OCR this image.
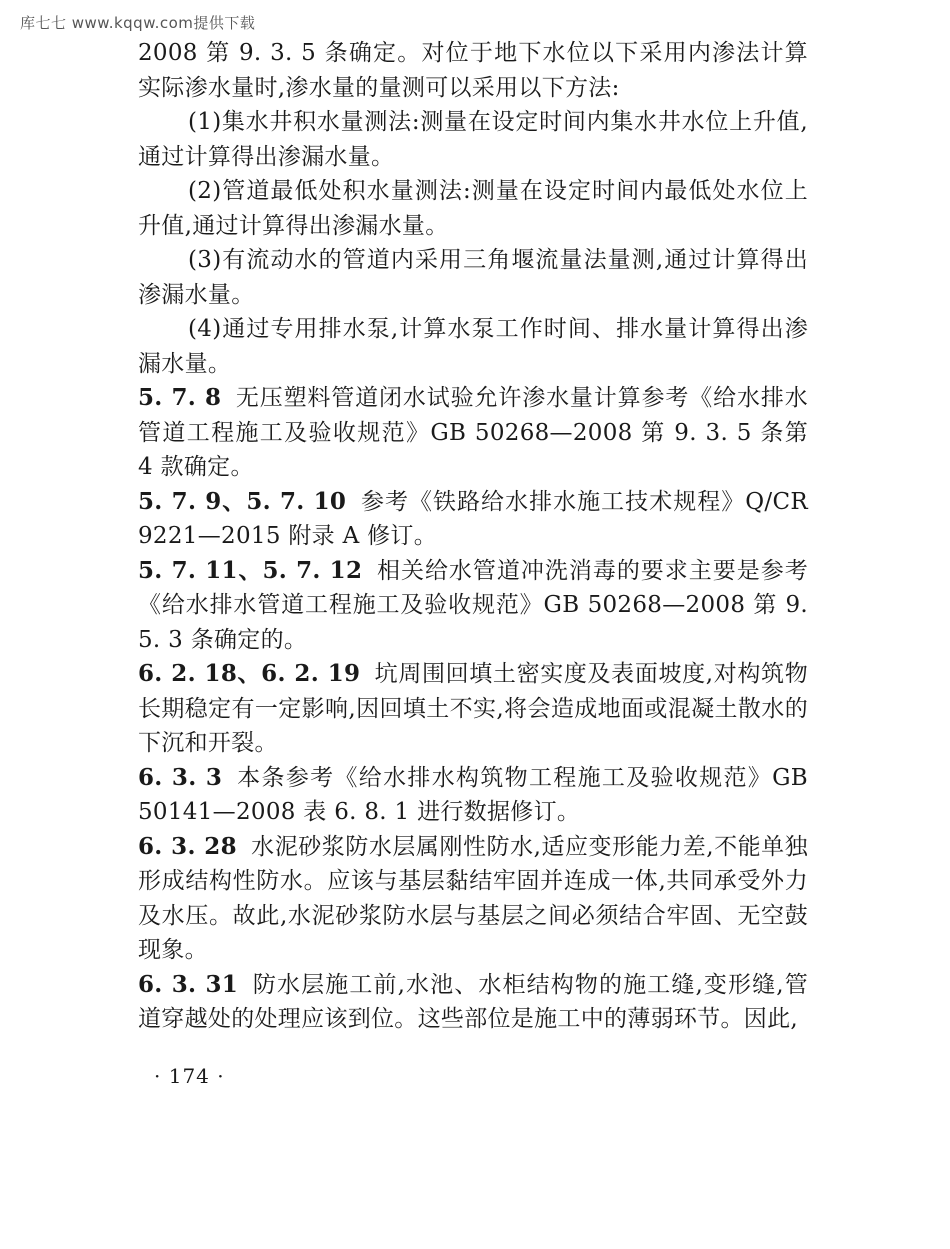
库七七 www.kqqw.com提供下载

2008 第 9. 3. 5 条确定。对位于地下水位以下采用内渗法计算实际渗水量时,渗水量的量测可以采用以下方法:

(1)集水井积水量测法:测量在设定时间内集水井水位上升值,通过计算得出渗漏水量。

(2)管道最低处积水量测法:测量在设定时间内最低处水位上升值,通过计算得出渗漏水量。

(3)有流动水的管道内采用三角堰流量法量测,通过计算得出渗漏水量。

(4)通过专用排水泵,计算水泵工作时间、排水量计算得出渗漏水量。

5. 7. 8 无压塑料管道闭水试验允许渗水量计算参考《给水排水管道工程施工及验收规范》GB 50268—2008 第 9. 3. 5 条第 4 款确定。

5. 7. 9、5. 7. 10 参考《铁路给水排水施工技术规程》Q/CR 9221—2015 附录 A 修订。

5. 7. 11、5. 7. 12 相关给水管道冲洗消毒的要求主要是参考《给水排水管道工程施工及验收规范》GB 50268—2008 第 9. 5. 3 条确定的。

6. 2. 18、6. 2. 19 坑周围回填土密实度及表面坡度,对构筑物长期稳定有一定影响,因回填土不实,将会造成地面或混凝土散水的下沉和开裂。

6. 3. 3 本条参考《给水排水构筑物工程施工及验收规范》GB 50141—2008 表 6. 8. 1 进行数据修订。

6. 3. 28 水泥砂浆防水层属刚性防水,适应变形能力差,不能单独形成结构性防水。应该与基层黏结牢固并连成一体,共同承受外力及水压。故此,水泥砂浆防水层与基层之间必须结合牢固、无空鼓现象。

6. 3. 31 防水层施工前,水池、水柜结构物的施工缝,变形缝,管道穿越处的处理应该到位。这些部位是施工中的薄弱环节。因此,

· 174 ·
